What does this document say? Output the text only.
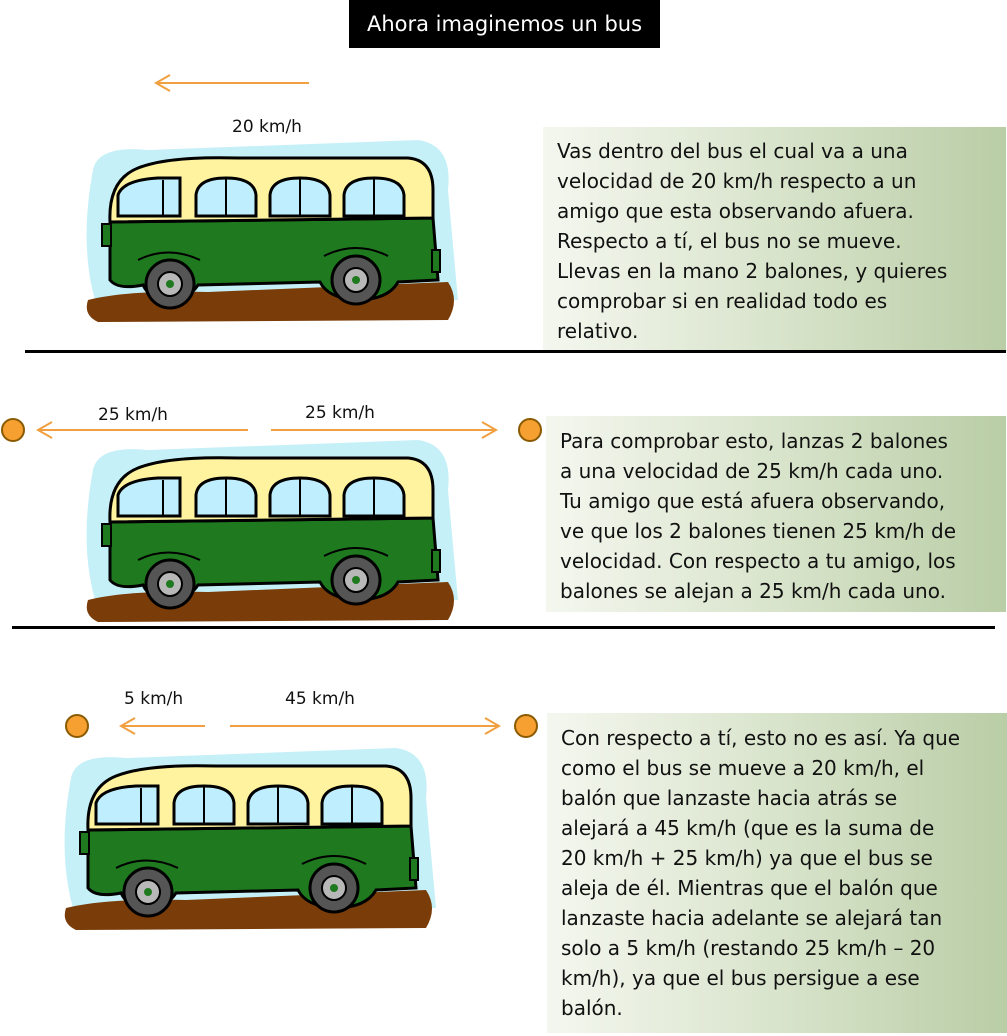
Ahora imaginemos un bus
20 km/h
25 km/h	25 km/h
5 km/h	45 km/h

Vas dentro del bus el cual va a una
velocidad de 20 km/h respecto a un
amigo que esta observando afuera.
Respecto a tí, el bus no se mueve.
Llevas en la mano 2 balones, y quieres
comprobar si en realidad todo es
relativo.

Para comprobar esto, lanzas 2 balones
a una velocidad de 25 km/h cada uno.
Tu amigo que está afuera observando,
ve que los 2 balones tienen 25 km/h de
velocidad. Con respecto a tu amigo, los
balones se alejan a 25 km/h cada uno.

Con respecto a tí, esto no es así. Ya que
como el bus se mueve a 20 km/h, el
balón que lanzaste hacia atrás se
alejará a 45 km/h (que es la suma de
20 km/h + 25 km/h) ya que el bus se
aleja de él. Mientras que el balón que
lanzaste hacia adelante se alejará tan
solo a 5 km/h (restando 25 km/h – 20
km/h), ya que el bus persigue a ese
balón.
